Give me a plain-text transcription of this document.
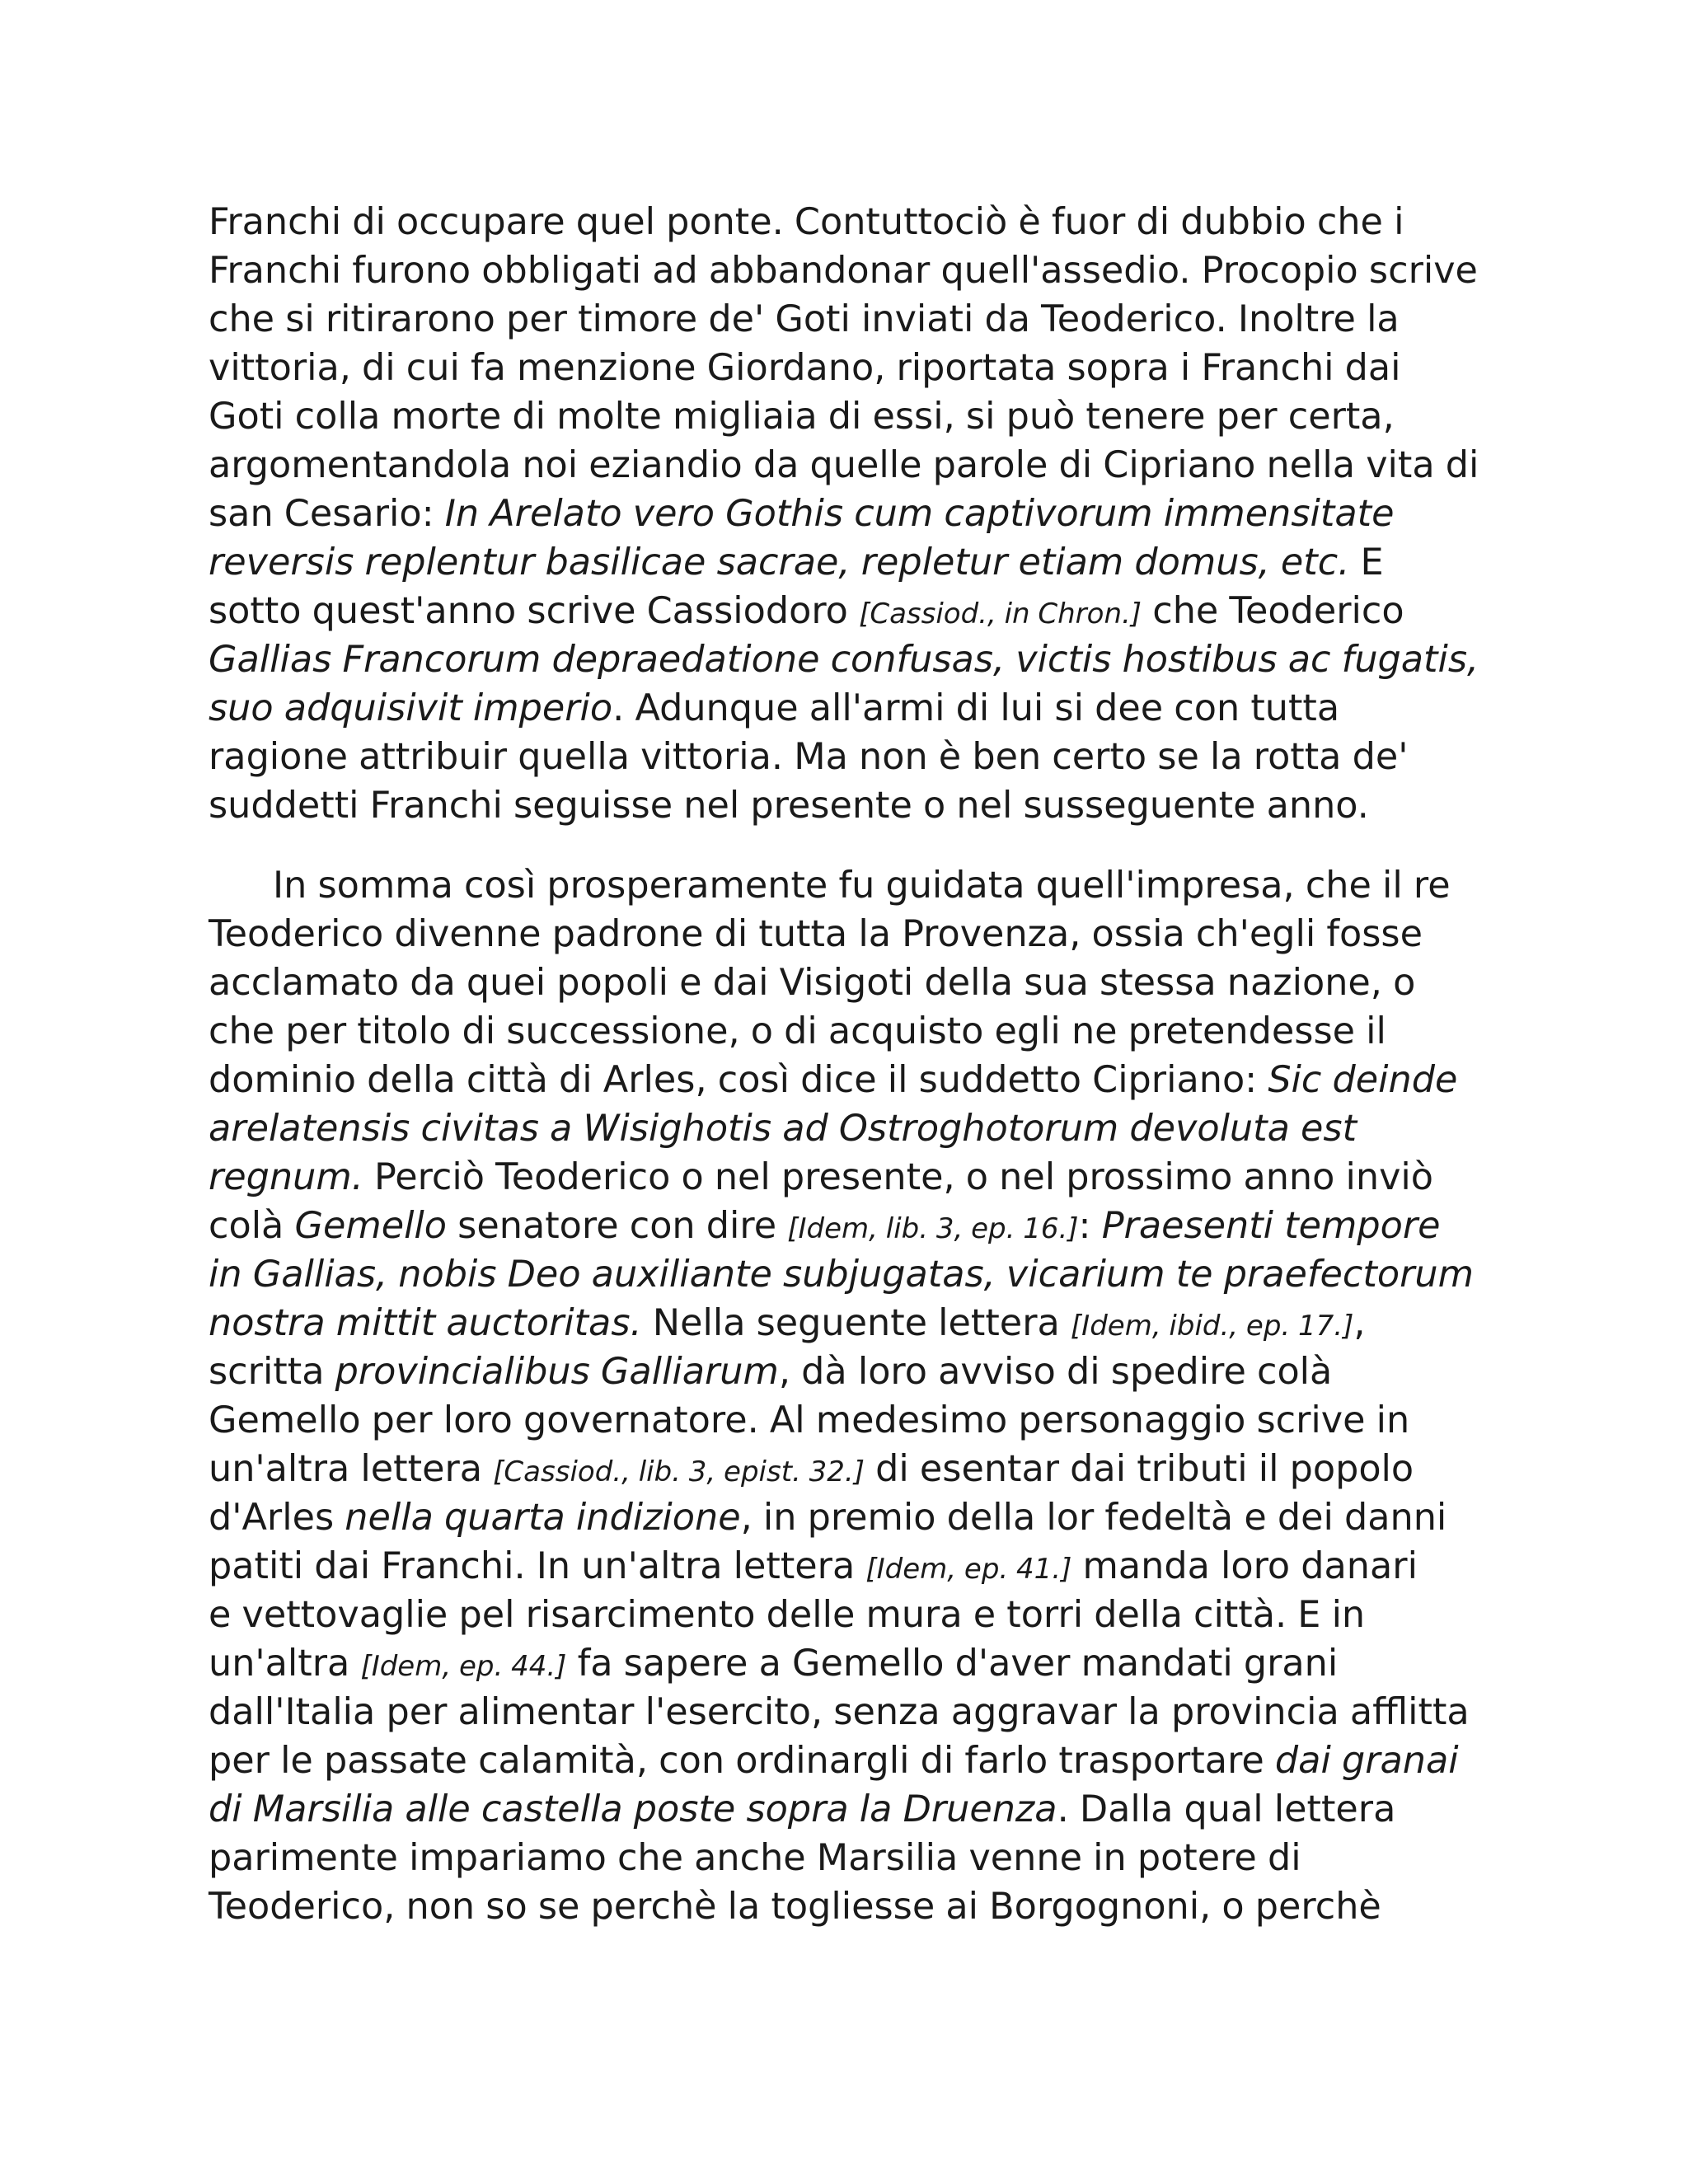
Franchi di occupare quel ponte. Contuttociò è fuor di dubbio che i
Franchi furono obbligati ad abbandonar quell'assedio. Procopio scrive
che si ritirarono per timore de' Goti inviati da Teoderico. Inoltre la
vittoria, di cui fa menzione Giordano, riportata sopra i Franchi dai
Goti colla morte di molte migliaia di essi, si può tenere per certa,
argomentandola noi eziandio da quelle parole di Cipriano nella vita di
san Cesario: In Arelato vero Gothis cum captivorum immensitate
reversis replentur basilicae sacrae, repletur etiam domus, etc. E
sotto quest'anno scrive Cassiodoro [Cassiod., in Chron.] che Teoderico
Gallias Francorum depraedatione confusas, victis hostibus ac fugatis,
suo adquisivit imperio. Adunque all'armi di lui si dee con tutta
ragione attribuir quella vittoria. Ma non è ben certo se la rotta de'
suddetti Franchi seguisse nel presente o nel susseguente anno.
In somma così prosperamente fu guidata quell'impresa, che il re
Teoderico divenne padrone di tutta la Provenza, ossia ch'egli fosse
acclamato da quei popoli e dai Visigoti della sua stessa nazione, o
che per titolo di successione, o di acquisto egli ne pretendesse il
dominio della città di Arles, così dice il suddetto Cipriano: Sic deinde
arelatensis civitas a Wisighotis ad Ostroghotorum devoluta est
regnum. Perciò Teoderico o nel presente, o nel prossimo anno inviò
colà Gemello senatore con dire [Idem, lib. 3, ep. 16.]: Praesenti tempore
in Gallias, nobis Deo auxiliante subjugatas, vicarium te praefectorum
nostra mittit auctoritas. Nella seguente lettera [Idem, ibid., ep. 17.],
scritta provincialibus Galliarum, dà loro avviso di spedire colà
Gemello per loro governatore. Al medesimo personaggio scrive in
un'altra lettera [Cassiod., lib. 3, epist. 32.] di esentar dai tributi il popolo
d'Arles nella quarta indizione, in premio della lor fedeltà e dei danni
patiti dai Franchi. In un'altra lettera [Idem, ep. 41.] manda loro danari
e vettovaglie pel risarcimento delle mura e torri della città. E in
un'altra [Idem, ep. 44.] fa sapere a Gemello d'aver mandati grani
dall'Italia per alimentar l'esercito, senza aggravar la provincia afflitta
per le passate calamità, con ordinargli di farlo trasportare dai granai
di Marsilia alle castella poste sopra la Druenza. Dalla qual lettera
parimente impariamo che anche Marsilia venne in potere di
Teoderico, non so se perchè la togliesse ai Borgognoni, o perchè
